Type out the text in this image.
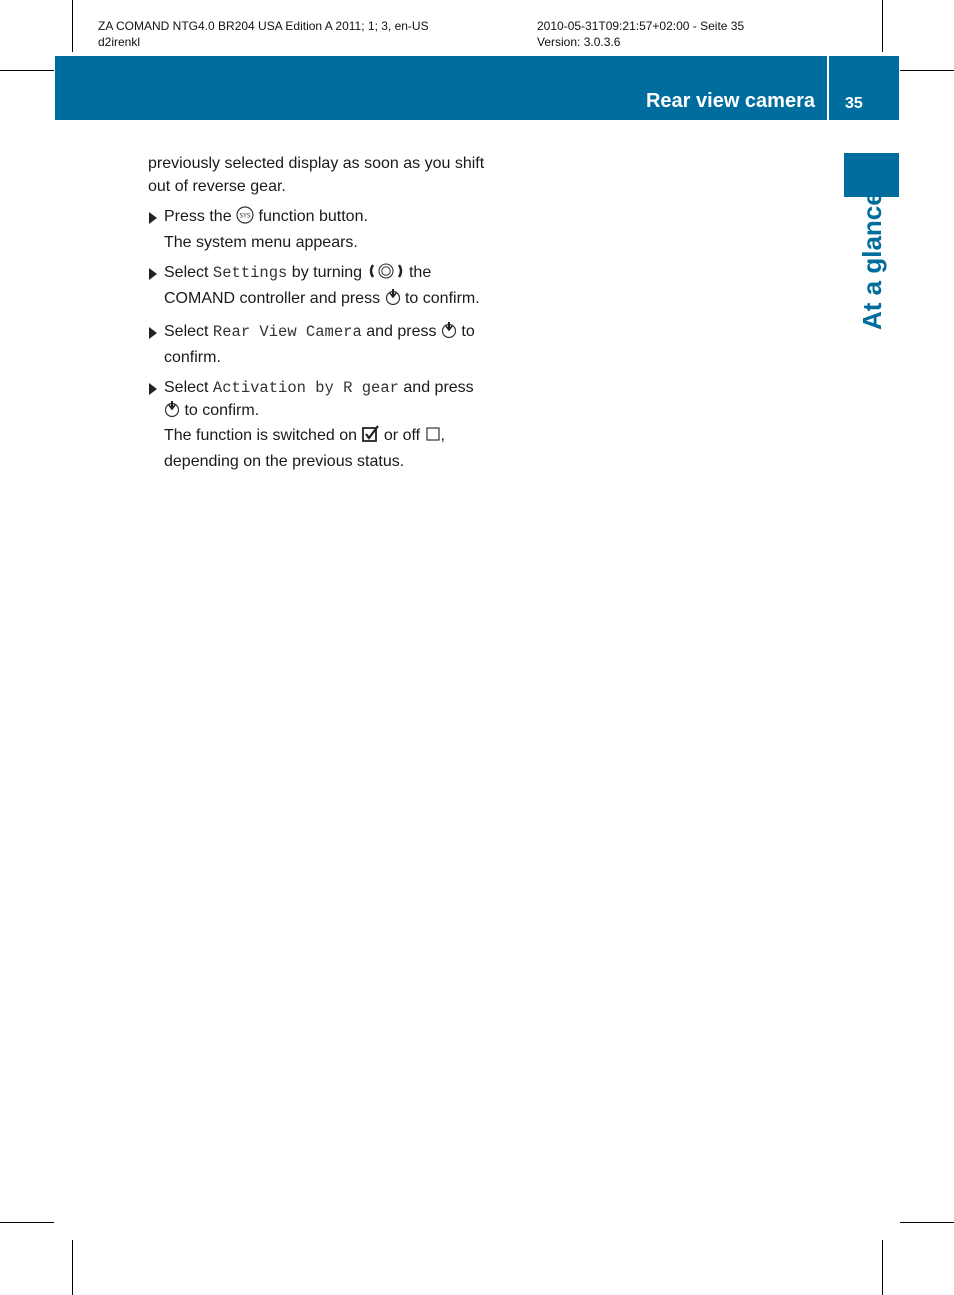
ZA COMAND NTG4.0 BR204 USA Edition A 2011; 1; 3, en-US
d2irenkl
2010-05-31T09:21:57+02:00 - Seite 35
Version: 3.0.3.6
Rear view camera 35
At a glance

previously selected display as soon as you shift out of reverse gear.

Press the SYS function button.
The system menu appears.
Select Settings by turning	the COMAND controller and press to confirm.
Select Rear View Camera and press to confirm.
Select Activation by R gear and press  to confirm.
The function is switched on or off ,
depending on the previous status.
